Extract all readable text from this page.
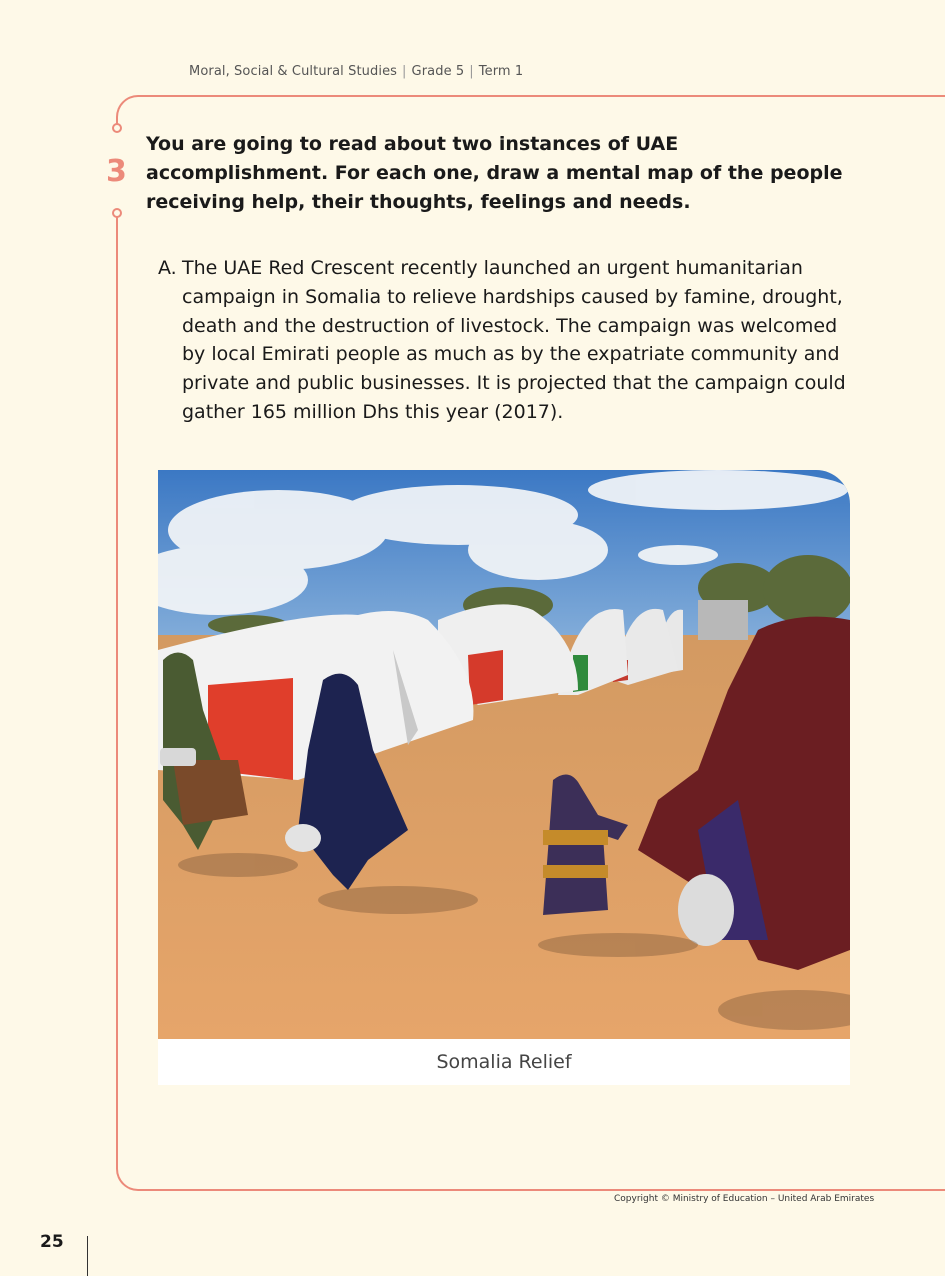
Moral, Social & Cultural Studies | Grade 5 | Term 1
3

You are going to read about two instances of UAE accomplishment. For each one, draw a mental map of the people receiving help, their thoughts, feelings and needs.

A. The UAE Red Crescent recently launched an urgent humanitarian campaign in Somalia to relieve hardships caused by famine, drought, death and the destruction of livestock. The campaign was welcomed by local Emirati people as much as by the expatriate community and private and public businesses. It is projected that the campaign could gather 165 million Dhs this year (2017).
Somalia Relief
Copyright © Ministry of Education – United Arab Emirates
25
